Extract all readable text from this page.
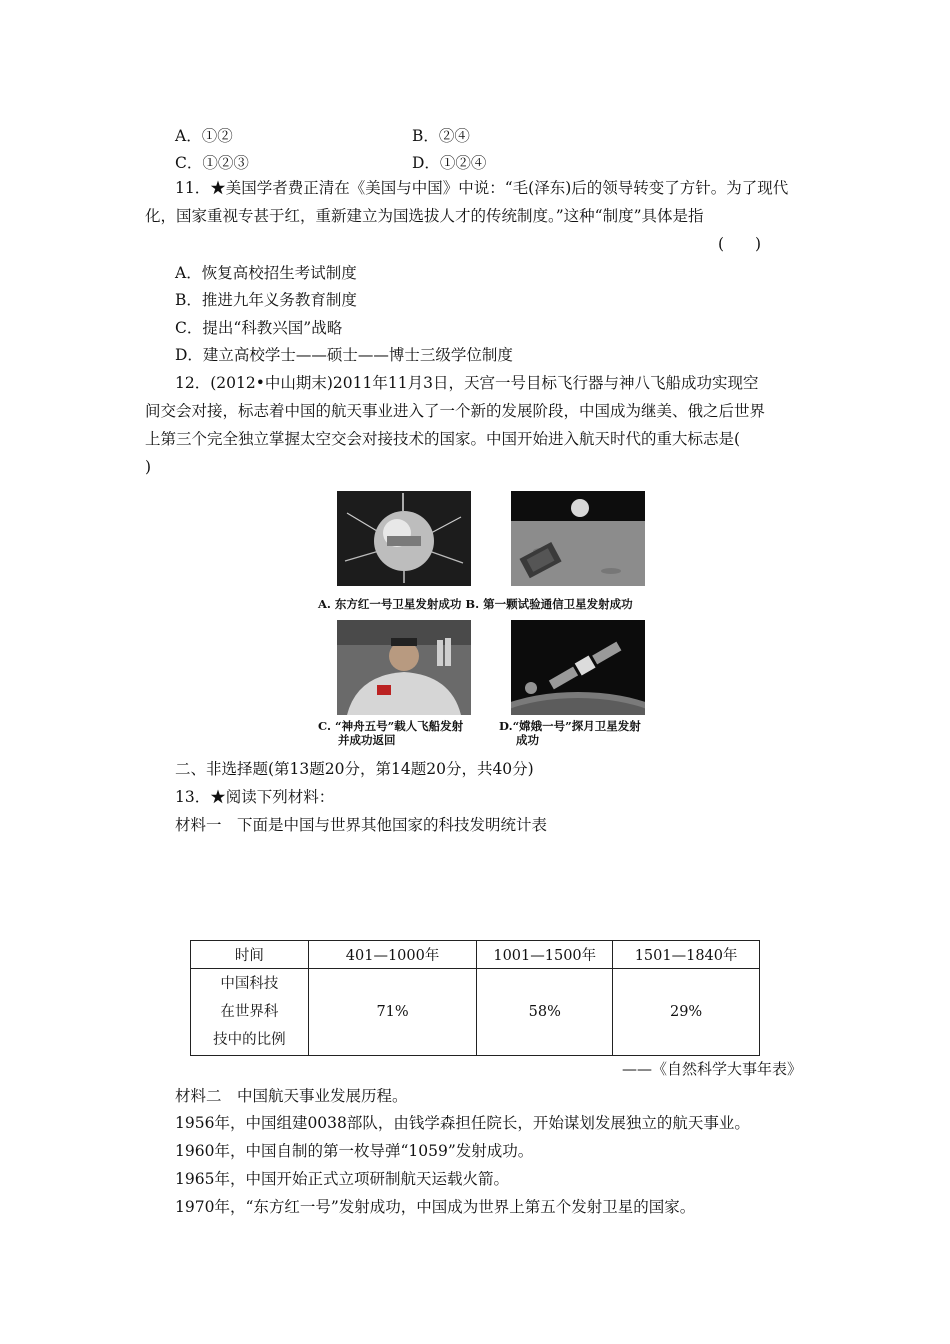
A．①②	B．②④
C．①②③	D．①②④
11．★美国学者费正清在《美国与中国》中说：“毛(泽东)后的领导转变了方针。为了现代
化，国家重视专甚于红，重新建立为国选拔人才的传统制度。”这种“制度”具体是指
(　　)
A．恢复高校招生考试制度
B．推进九年义务教育制度
C．提出“科教兴国”战略
D．建立高校学士——硕士——博士三级学位制度
12．(2012•中山期末)2011年11月3日，天宫一号目标飞行器与神八飞船成功实现空
间交会对接，标志着中国的航天事业进入了一个新的发展阶段，中国成为继美、俄之后世界
上第三个完全独立掌握太空交会对接技术的国家。中国开始进入航天时代的重大标志是(
)
A. 东方红一号卫星发射成功 B. 第一颗试验通信卫星发射成功
C. “神舟五号”载人飞船发射
并成功返回
D.“嫦娥一号”探月卫星发射
成功
二、非选择题(第13题20分，第14题20分，共40分)
13．★阅读下列材料：
材料一　下面是中国与世界其他国家的科技发明统计表
时间	401—1000年	1001—1500年	1501—1840年

中国科技
在世界科
技中的比例	71%	58%	29%
——《自然科学大事年表》
材料二　中国航天事业发展历程。
1956年，中国组建0038部队，由钱学森担任院长，开始谋划发展独立的航天事业。
1960年，中国自制的第一枚导弹“1059”发射成功。
1965年，中国开始正式立项研制航天运载火箭。
1970年，“东方红一号”发射成功，中国成为世界上第五个发射卫星的国家。
